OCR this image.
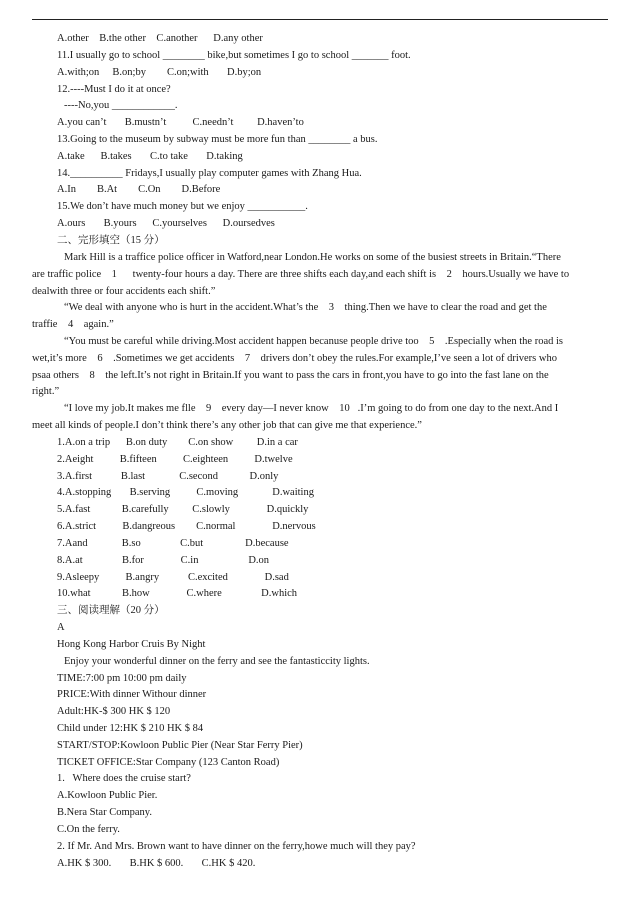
A.other    B.the other    C.another      D.any other
11.I usually go to school ________ bike,but sometimes I go to school _______ foot.
A.with;on     B.on;by        C.on;with       D.by;on
12.----Must I do it at once?
----No,you ____________.
A.you can’t       B.mustn’t          C.needn’t         D.haven’to
13.Going to the museum by subway must be more fun than ________ a bus.
A.take      B.takes       C.to take       D.taking
14.__________ Fridays,I usually play computer games with Zhang Hua.
A.In        B.At        C.On        D.Before
15.We don’t have much money but we enjoy ___________.
A.ours       B.yours      C.yourselves      D.oursedves
二、完形填空（15 分）
Mark Hill is a traffice police officer in Watford,near London.He works on some of the busiest streets in Britain.“There
are traffic police    1      twenty-four hours a day. There are three shifts each day,and each shift is    2    hours.Usually we have to
dealwith three or four accidents each shift.”
“We deal with anyone who is hurt in the accident.What’s the    3    thing.Then we have to clear the road and get the
traffie    4    again.”
“You must be careful while driving.Most accident happen becanuse people drive too    5    .Especially when the road is
wet,it’s more    6    .Sometimes we get accidents    7    drivers don’t obey the rules.For example,I’ve seen a lot of drivers who
psaa others    8    the left.It’s not right in Britain.If you want to pass the cars in front,you have to go into the fast lane on the
right.”
“I love my job.It makes me flle    9    every day—I never know    10   .I’m going to do from one day to the next.And I
meet all kinds of people.I don’t think there’s any other job that can give me that experience.”
1.A.on a trip      B.on duty        C.on show         D.in a car
2.Aeight          B.fifteen          C.eighteen          D.twelve
3.A.first           B.last             C.second            D.only
4.A.stopping       B.serving          C.moving             D.waiting
5.A.fast            B.carefully         C.slowly              D.quickly
6.A.strict          B.dangreous        C.normal              D.nervous
7.Aand             B.so               C.but                D.because
8.A.at               B.for              C.in                   D.on
9.Asleepy          B.angry           C.excited              D.sad
10.what            B.how              C.where               D.which
三、阅读理解（20 分）
A
Hong Kong Harbor Cruis By Night
Enjoy your wonderful dinner on the ferry and see the fantasticcity lights.
TIME:7:00 pm 10:00 pm daily
PRICE:With dinner Withour dinner
Adult:HK-$ 300 HK $ 120
Child under 12:HK $ 210 HK $ 84
START/STOP:Kowloon Public Pier (Near Star Ferry Pier)
TICKET OFFICE:Star Company (123 Canton Road)
1.   Where does the cruise start?
A.Kowloon Public Pier.
B.Nera Star Company.
C.On the ferry.
2. If Mr. And Mrs. Brown want to have dinner on the ferry,howe much will they pay?
A.HK $ 300.       B.HK $ 600.       C.HK $ 420.
